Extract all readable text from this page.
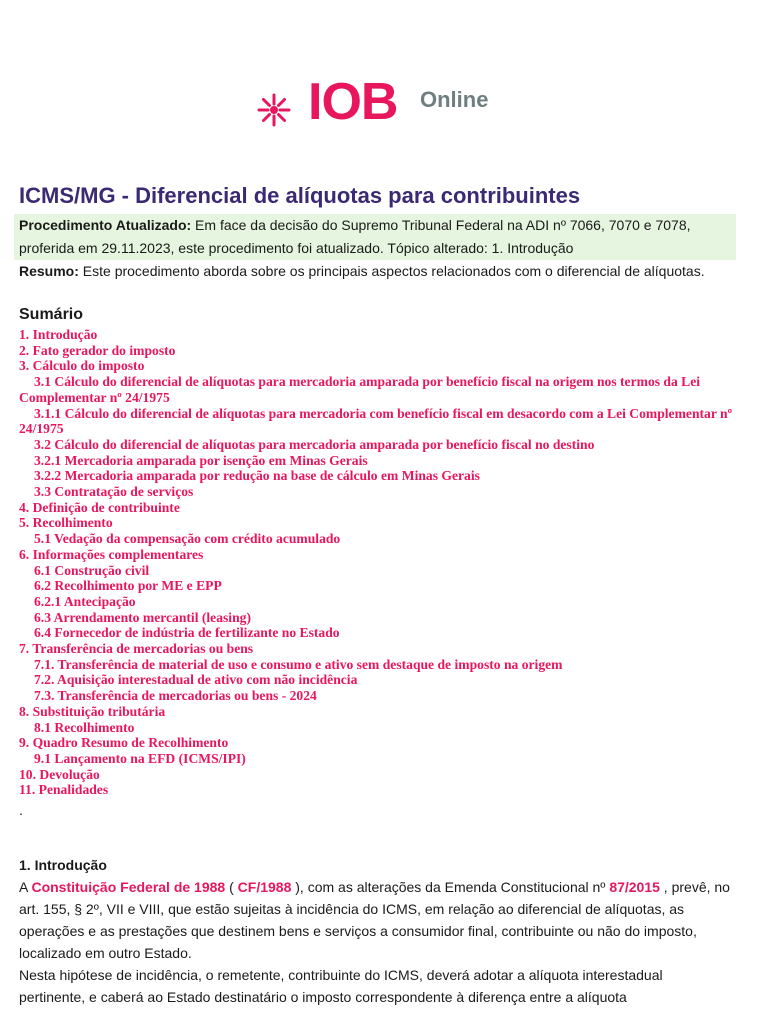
IOB Online
ICMS/MG - Diferencial de alíquotas para contribuintes
Procedimento Atualizado: Em face da decisão do Supremo Tribunal Federal na ADI nº 7066, 7070 e 7078, proferida em 29.11.2023, este procedimento foi atualizado. Tópico alterado: 1. Introdução
Resumo: Este procedimento aborda sobre os principais aspectos relacionados com o diferencial de alíquotas.
Sumário
1. Introdução
2. Fato gerador do imposto
3. Cálculo do imposto
3.1 Cálculo do diferencial de alíquotas para mercadoria amparada por benefício fiscal na origem nos termos da Lei Complementar nº 24/1975
3.1.1 Cálculo do diferencial de alíquotas para mercadoria com benefício fiscal em desacordo com a Lei Complementar nº 24/1975
3.2 Cálculo do diferencial de alíquotas para mercadoria amparada por benefício fiscal no destino
3.2.1 Mercadoria amparada por isenção em Minas Gerais
3.2.2 Mercadoria amparada por redução na base de cálculo em Minas Gerais
3.3 Contratação de serviços
4. Definição de contribuinte
5. Recolhimento
5.1 Vedação da compensação com crédito acumulado
6. Informações complementares
6.1 Construção civil
6.2 Recolhimento por ME e EPP
6.2.1 Antecipação
6.3 Arrendamento mercantil (leasing)
6.4 Fornecedor de indústria de fertilizante no Estado
7. Transferência de mercadorias ou bens
7.1. Transferência de material de uso e consumo e ativo sem destaque de imposto na origem
7.2. Aquisição interestadual de ativo com não incidência
7.3. Transferência de mercadorias ou bens - 2024
8. Substituição tributária
8.1 Recolhimento
9. Quadro Resumo de Recolhimento
9.1 Lançamento na EFD (ICMS/IPI)
10. Devolução
11. Penalidades
.
1. Introdução

A Constituição Federal de 1988 ( CF/1988 ), com as alterações da Emenda Constitucional nº 87/2015 , prevê, no art. 155, § 2º, VII e VIII, que estão sujeitas à incidência do ICMS, em relação ao diferencial de alíquotas, as operações e as prestações que destinem bens e serviços a consumidor final, contribuinte ou não do imposto, localizado em outro Estado.

Nesta hipótese de incidência, o remetente, contribuinte do ICMS, deverá adotar a alíquota interestadual pertinente, e caberá ao Estado destinatário o imposto correspondente à diferença entre a alíquota
